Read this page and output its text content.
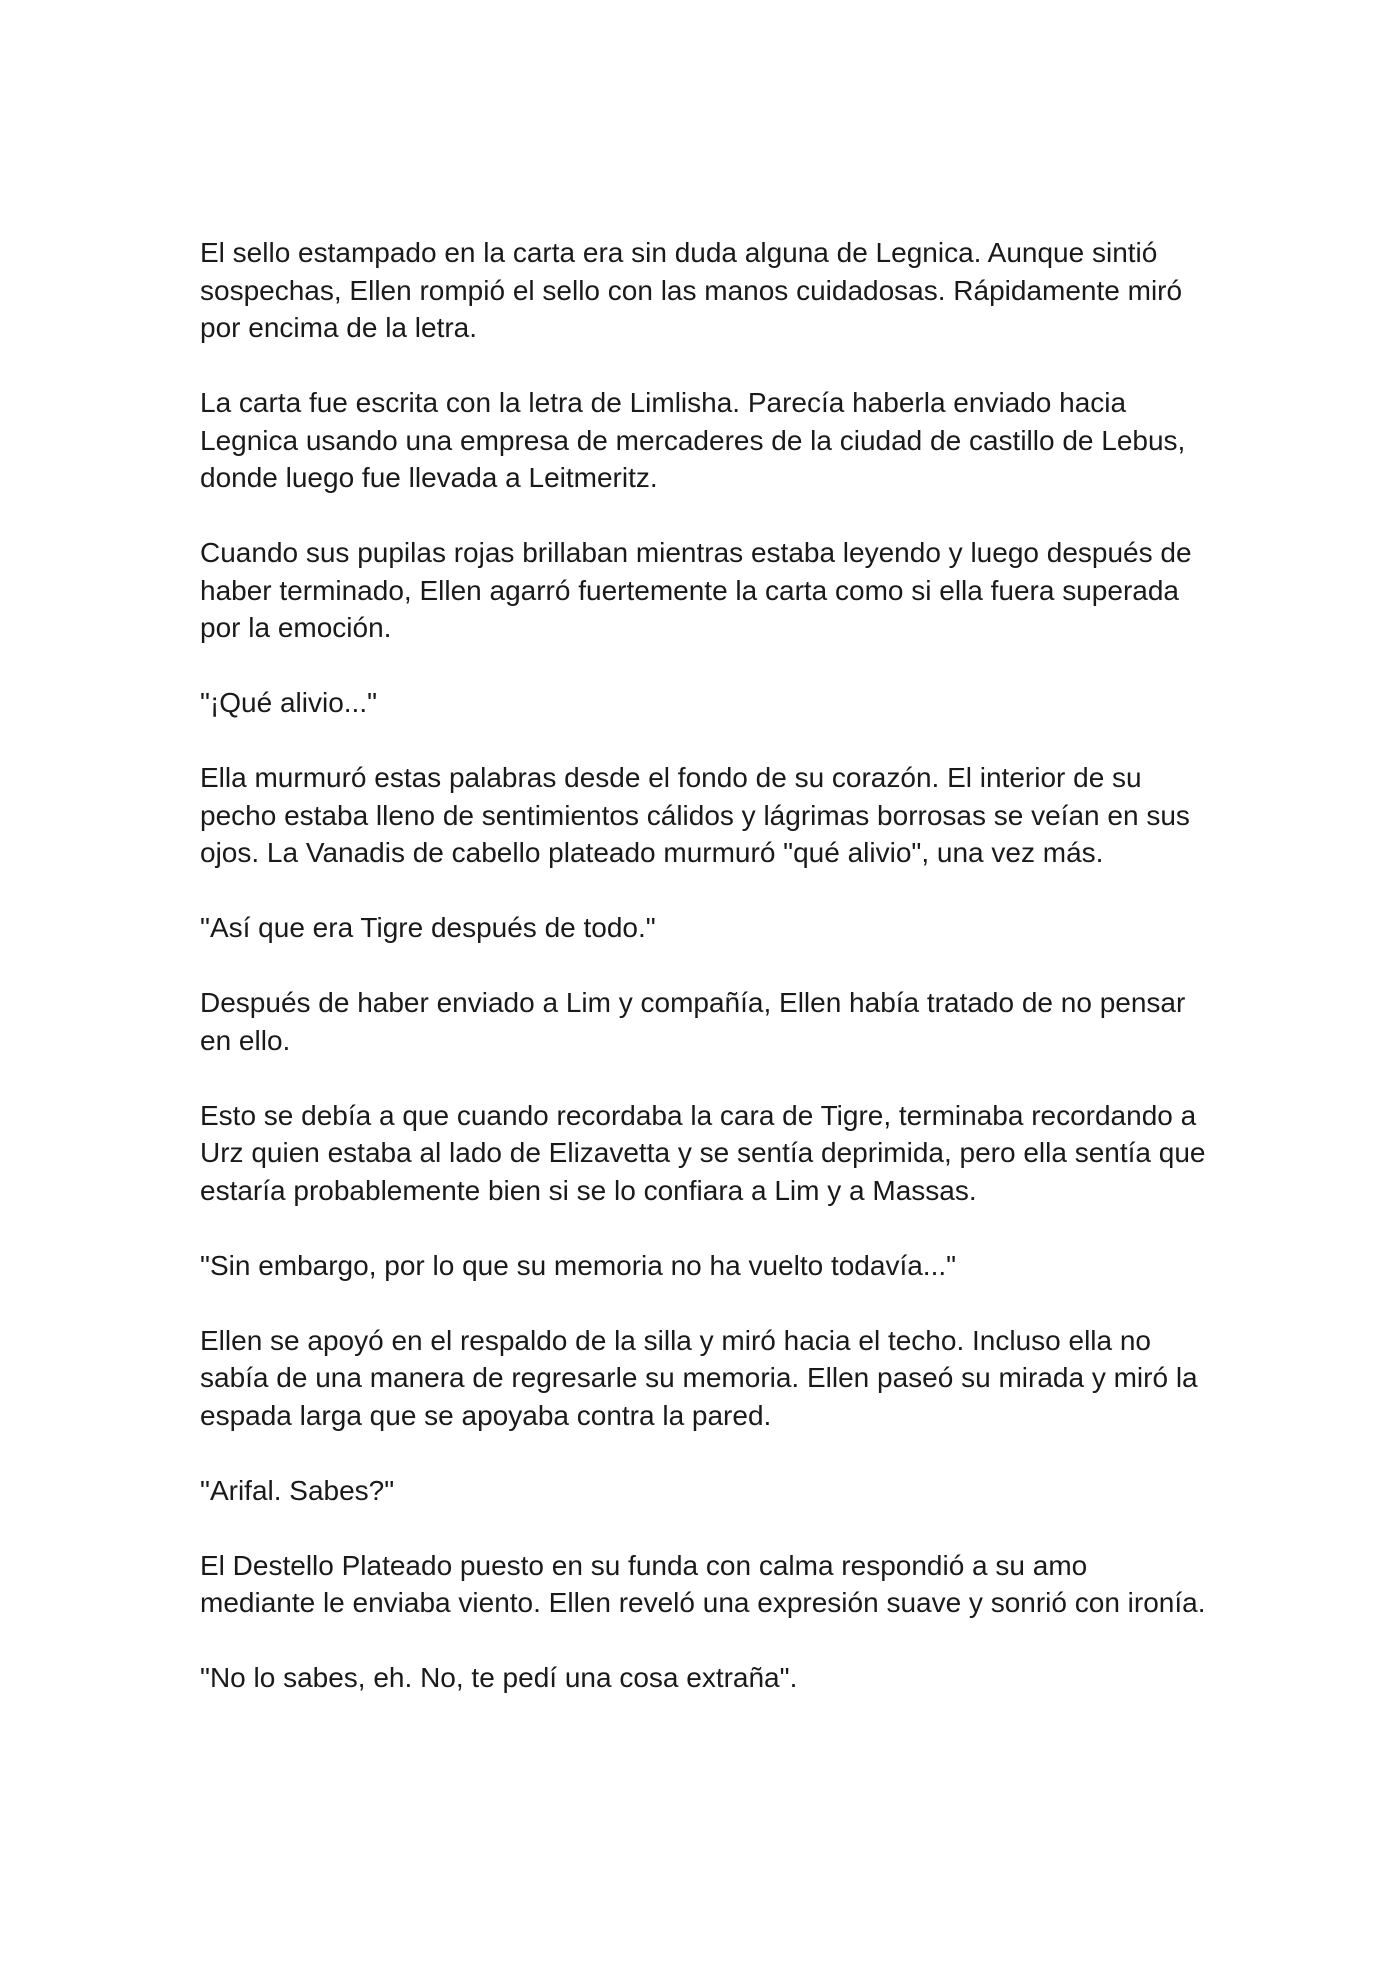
El sello estampado en la carta era sin duda alguna de Legnica. Aunque sintió sospechas, Ellen rompió el sello con las manos cuidadosas. Rápidamente miró por encima de la letra.

La carta fue escrita con la letra de Limlisha. Parecía haberla enviado hacia Legnica usando una empresa de mercaderes de la ciudad de castillo de Lebus, donde luego fue llevada a Leitmeritz.

Cuando sus pupilas rojas brillaban mientras estaba leyendo y luego después de haber terminado, Ellen agarró fuertemente la carta como si ella fuera superada por la emoción.

"¡Qué alivio..."

Ella murmuró estas palabras desde el fondo de su corazón. El interior de su pecho estaba lleno de sentimientos cálidos y lágrimas borrosas se veían en sus ojos. La Vanadis de cabello plateado murmuró "qué alivio", una vez más.

"Así que era Tigre después de todo."

Después de haber enviado a Lim y compañía, Ellen había tratado de no pensar en ello.

Esto se debía a que cuando recordaba la cara de Tigre, terminaba recordando a Urz quien estaba al lado de Elizavetta y se sentía deprimida, pero ella sentía que estaría probablemente bien si se lo confiara a Lim y a Massas.

"Sin embargo, por lo que su memoria no ha vuelto todavía..."

Ellen se apoyó en el respaldo de la silla y miró hacia el techo. Incluso ella no sabía de una manera de regresarle su memoria. Ellen paseó su mirada y miró la espada larga que se apoyaba contra la pared.

"Arifal. Sabes?"

El Destello Plateado puesto en su funda con calma respondió a su amo mediante le enviaba viento. Ellen reveló una expresión suave y sonrió con ironía.

"No lo sabes, eh. No, te pedí una cosa extraña".
